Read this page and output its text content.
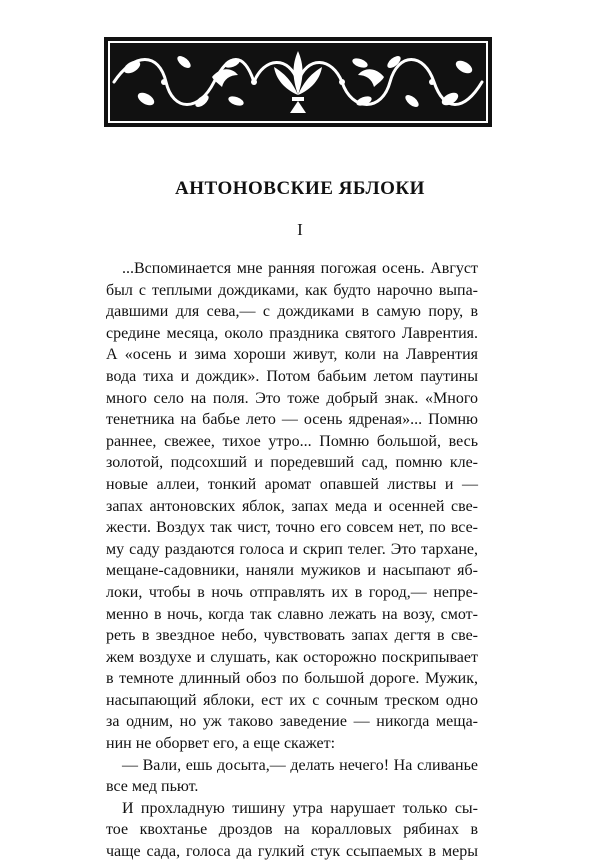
АНТОНОВСКИЕ ЯБЛОКИ
I
...Вспоминается мне ранняя погожая осень. Август
был с теплыми дождиками, как будто нарочно выпа-
давшими для сева,— с дождиками в самую пору, в
средине месяца, около праздника святого Лаврентия.
А «осень и зима хороши живут, коли на Лаврентия
вода тиха и дождик». Потом бабьим летом паутины
много село на поля. Это тоже добрый знак. «Много
тенетника на бабье лето — осень ядреная»... Помню
раннее, свежее, тихое утро... Помню большой, весь
золотой, подсохший и поредевший сад, помню кле-
новые аллеи, тонкий аромат опавшей листвы и —
запах антоновских яблок, запах меда и осенней све-
жести. Воздух так чист, точно его совсем нет, по все-
му саду раздаются голоса и скрип телег. Это тархане,
мещане-садовники, наняли мужиков и насыпают яб-
локи, чтобы в ночь отправлять их в город,— непре-
менно в ночь, когда так славно лежать на возу, смот-
реть в звездное небо, чувствовать запах дегтя в све-
жем воздухе и слушать, как осторожно поскрипывает
в темноте длинный обоз по большой дороге. Мужик,
насыпающий яблоки, ест их с сочным треском одно
за одним, но уж таково заведение — никогда меща-
нин не оборвет его, а еще скажет:
— Вали, ешь досыта,— делать нечего! На сливанье
все мед пьют.
И прохладную тишину утра нарушает только сы-
тое квохтанье дроздов на коралловых рябинах в
чаще сада, голоса да гулкий стук ссыпаемых в меры
